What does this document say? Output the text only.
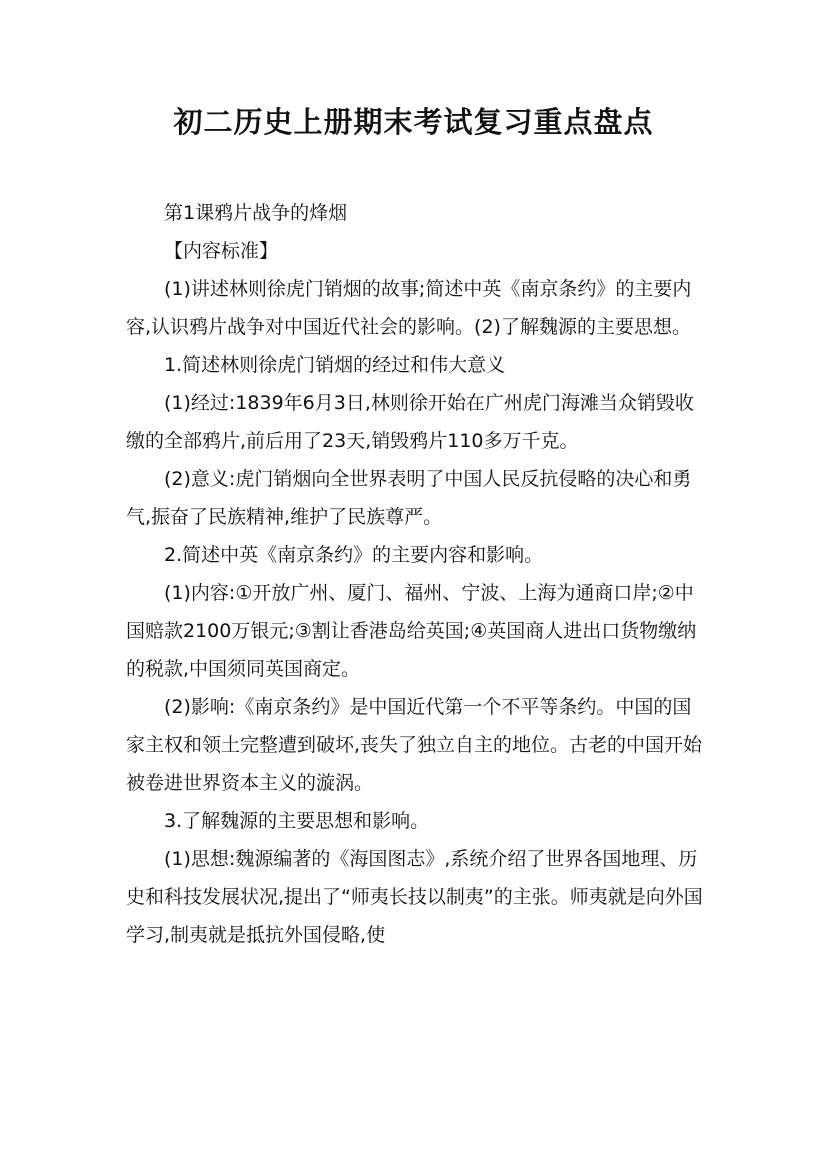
初二历史上册期末考试复习重点盘点

第1课鸦片战争的烽烟

【内容标准】

(1)讲述林则徐虎门销烟的故事;简述中英《南京条约》的主要内容,认识鸦片战争对中国近代社会的影响。(2)了解魏源的主要思想。

1.简述林则徐虎门销烟的经过和伟大意义

(1)经过:1839年6月3日,林则徐开始在广州虎门海滩当众销毁收缴的全部鸦片,前后用了23天,销毁鸦片110多万千克。

(2)意义:虎门销烟向全世界表明了中国人民反抗侵略的决心和勇气,振奋了民族精神,维护了民族尊严。

2.简述中英《南京条约》的主要内容和影响。

(1)内容:①开放广州、厦门、福州、宁波、上海为通商口岸;②中国赔款2100万银元;③割让香港岛给英国;④英国商人进出口货物缴纳的税款,中国须同英国商定。

(2)影响:《南京条约》是中国近代第一个不平等条约。中国的国家主权和领土完整遭到破坏,丧失了独立自主的地位。古老的中国开始被卷进世界资本主义的漩涡。

3.了解魏源的主要思想和影响。

(1)思想:魏源编著的《海国图志》,系统介绍了世界各国地理、历史和科技发展状况,提出了“师夷长技以制夷”的主张。师夷就是向外国学习,制夷就是抵抗外国侵略,使
